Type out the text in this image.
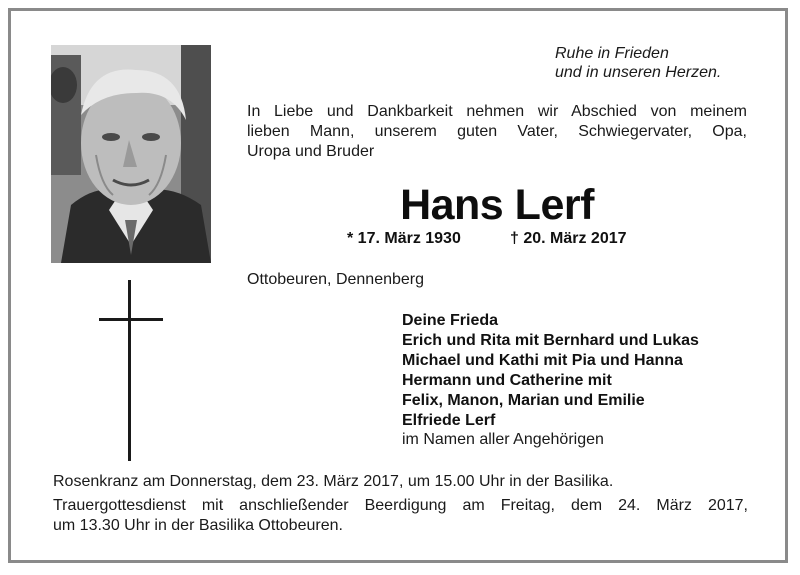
Ruhe in Frieden
und in unseren Herzen.
In Liebe und Dankbarkeit nehmen wir Abschied von meinem
lieben Mann, unserem guten Vater, Schwiegervater, Opa,
Uropa und Bruder
Hans Lerf
* 17. März 1930	† 20. März 2017
Ottobeuren, Dennenberg
Deine Frieda
Erich und Rita mit Bernhard und Lukas
Michael und Kathi mit Pia und Hanna
Hermann und Catherine mit
Felix, Manon, Marian und Emilie
Elfriede Lerf
im Namen aller Angehörigen
Rosenkranz am Donnerstag, dem 23. März 2017, um 15.00 Uhr in der Basilika.
Trauergottesdienst mit anschließender Beerdigung am Freitag, dem 24. März 2017,
um 13.30 Uhr in der Basilika Ottobeuren.
